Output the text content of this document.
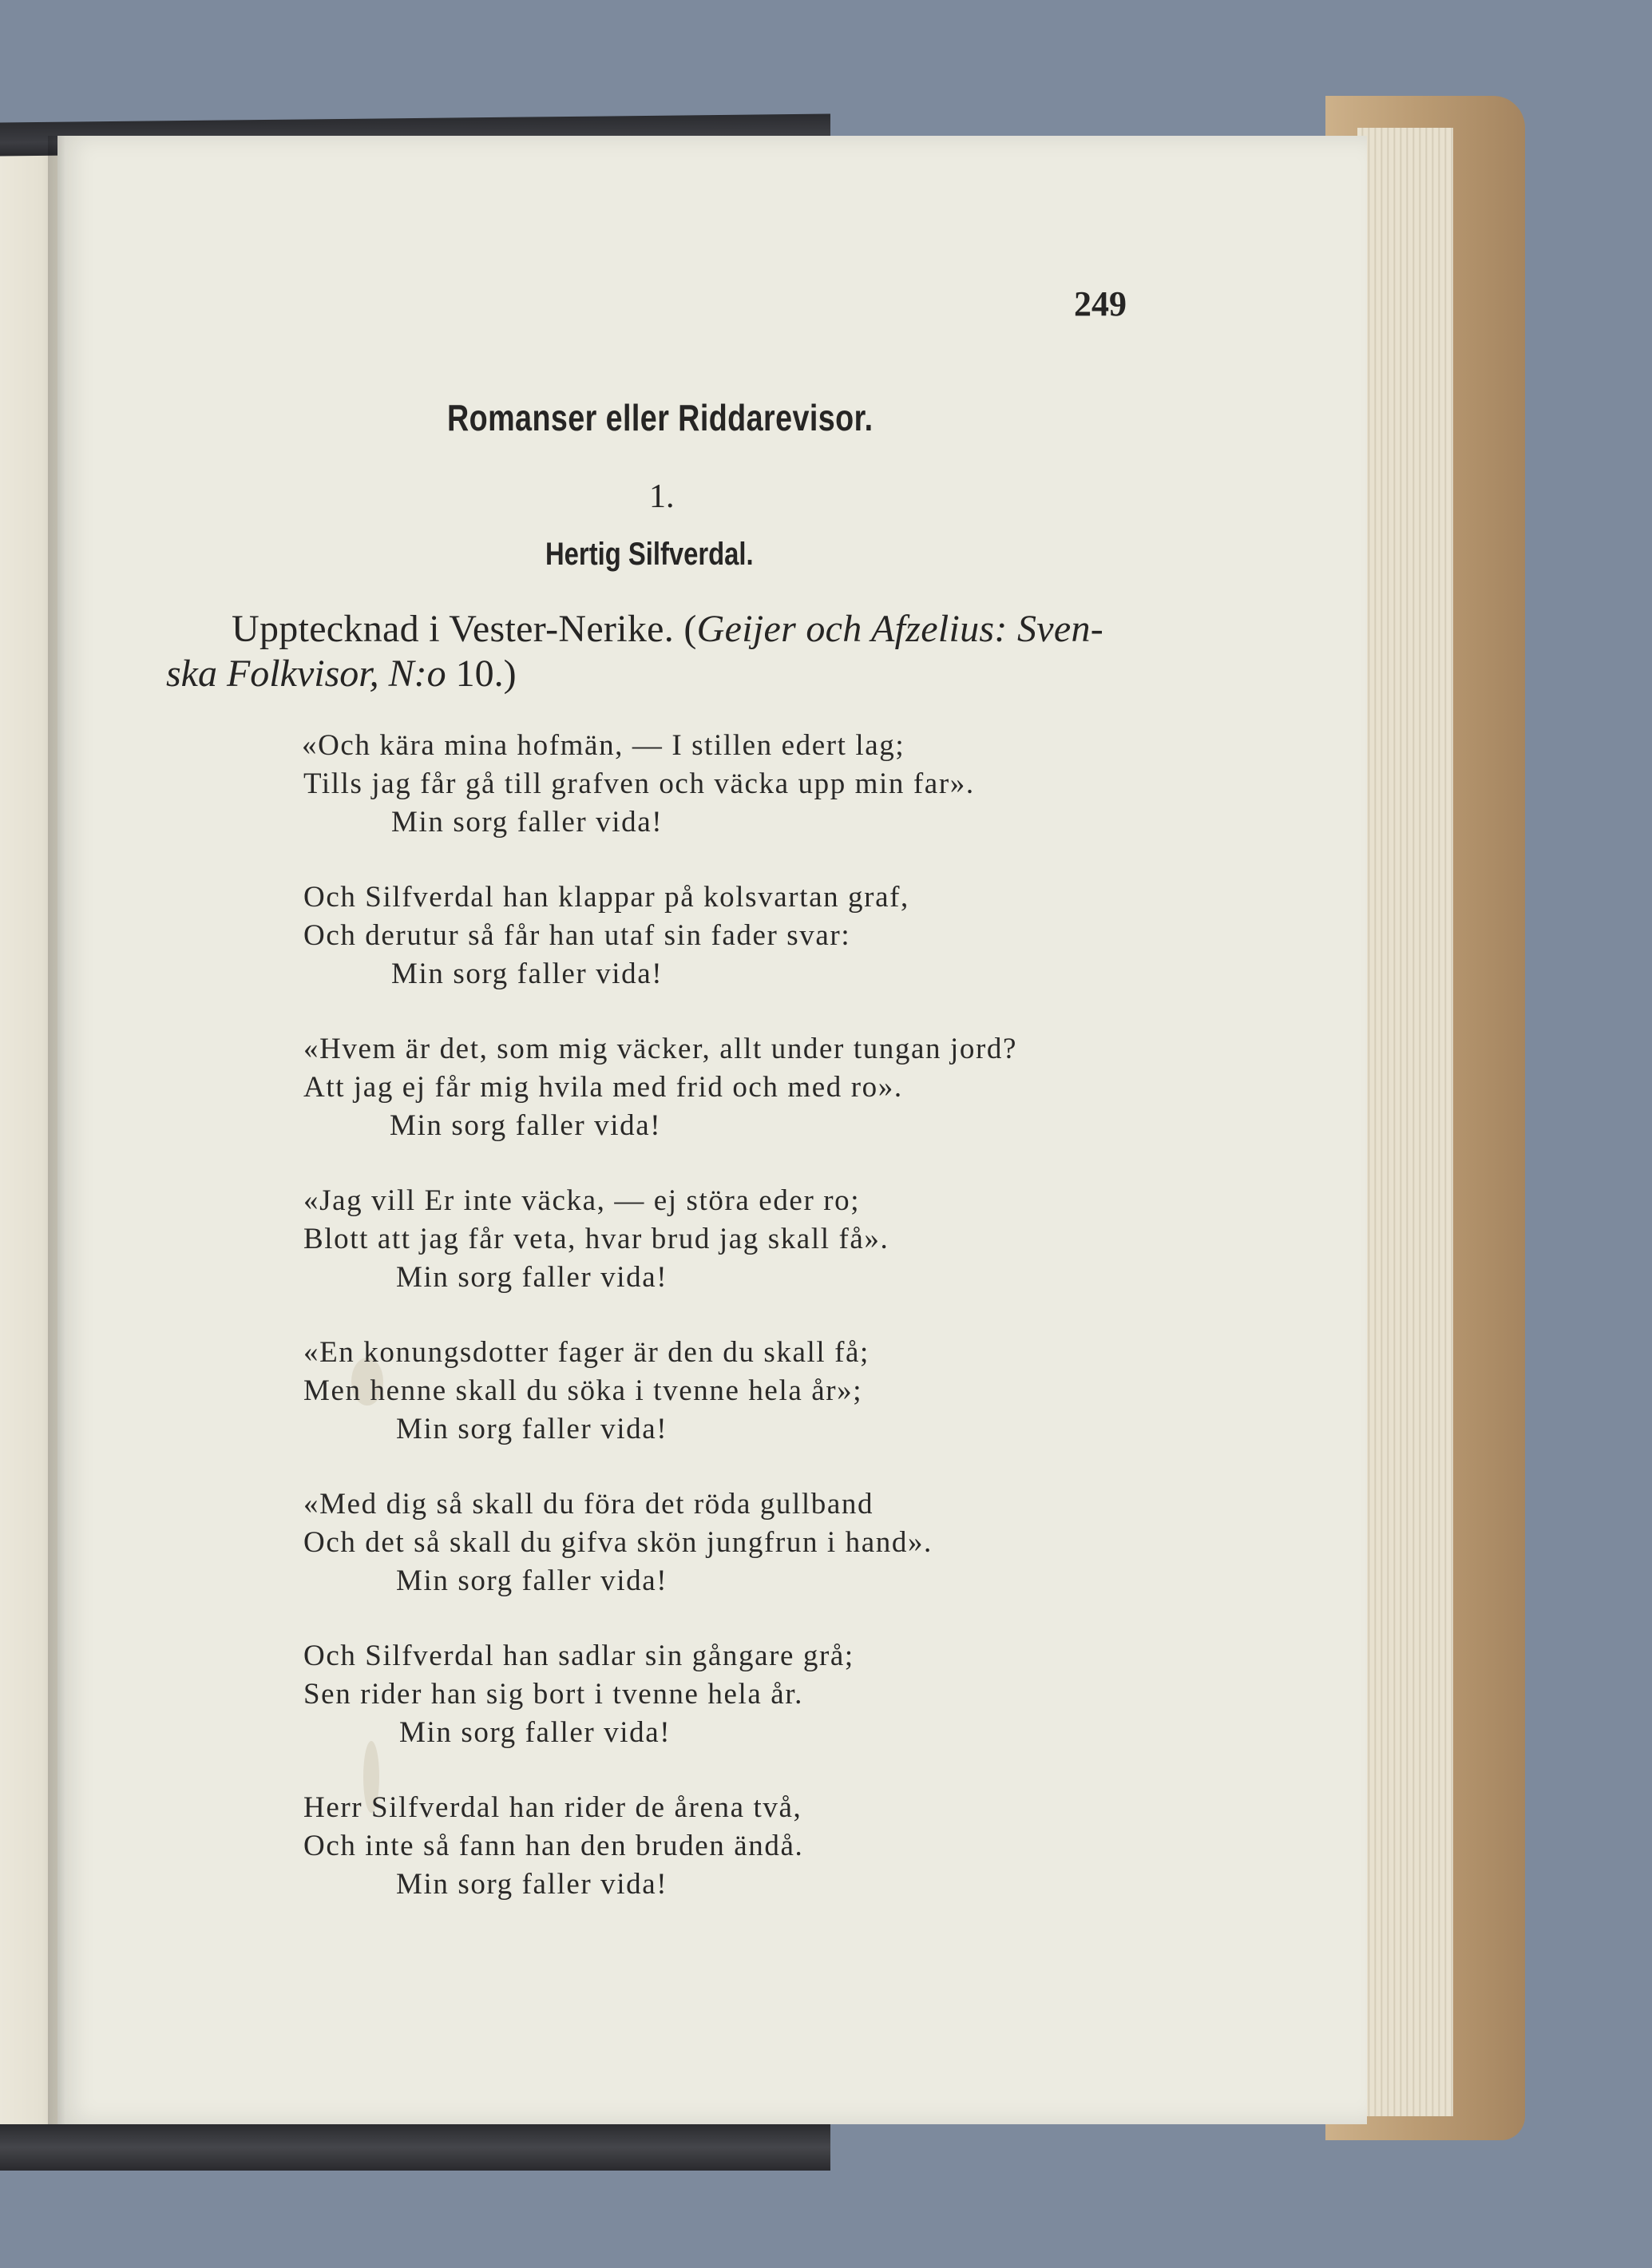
249
Romanser eller Riddarevisor.
1.
Hertig Silfverdal.
Upptecknad i Vester-Nerike. (Geijer och Afzelius: Sven-
ska Folkvisor, N:o 10.)
«Och kära mina hofmän, — I stillen edert lag;
Tills jag får gå till grafven och väcka upp min far».
Min sorg faller vida!
Och Silfverdal han klappar på kolsvartan graf,
Och derutur så får han utaf sin fader svar:
Min sorg faller vida!
«Hvem är det, som mig väcker, allt under tungan jord?
Att jag ej får mig hvila med frid och med ro».
Min sorg faller vida!
«Jag vill Er inte väcka, — ej störa eder ro;
Blott att jag får veta, hvar brud jag skall få».
Min sorg faller vida!
«En konungsdotter fager är den du skall få;
Men henne skall du söka i tvenne hela år»;
Min sorg faller vida!
«Med dig så skall du föra det röda gullband
Och det så skall du gifva skön jungfrun i hand».
Min sorg faller vida!
Och Silfverdal han sadlar sin gångare grå;
Sen rider han sig bort i tvenne hela år.
Min sorg faller vida!
Herr Silfverdal han rider de årena två,
Och inte så fann han den bruden ändå.
Min sorg faller vida!
